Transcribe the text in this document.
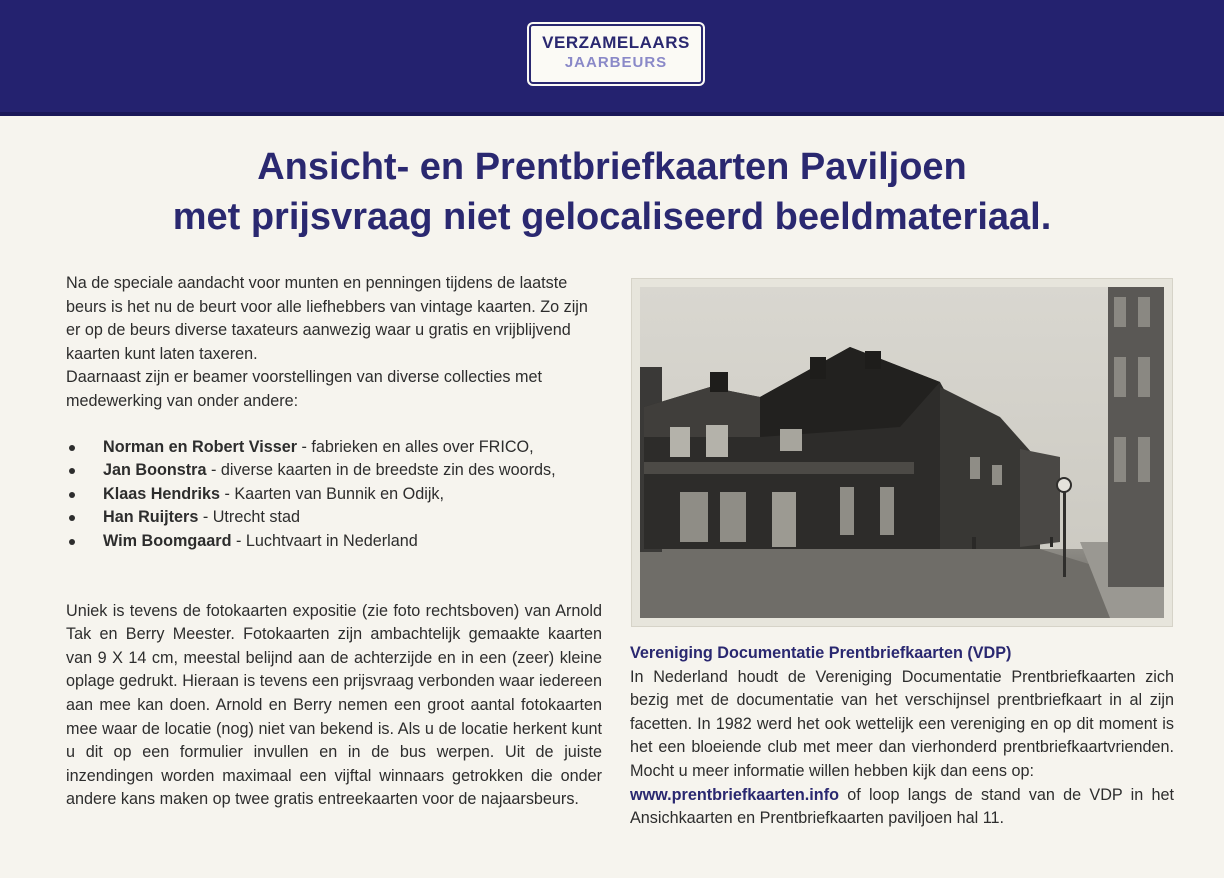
VERZAMELAARS
JAARBEURS
Ansicht- en Prentbriefkaarten Paviljoen
met prijsvraag niet gelocaliseerd beeldmateriaal.

Na de speciale aandacht voor munten en penningen tijdens de laatste beurs is het nu de beurt voor alle liefhebbers van vintage kaarten. Zo zijn er op de beurs diverse taxateurs aanwezig waar u gratis en vrijblijvend kaarten kunt laten taxeren.

Daarnaast zijn er beamer voorstellingen van diverse collecties met medewerking van onder andere:

Norman en Robert Visser - fabrieken en alles over FRICO,
Jan Boonstra - diverse kaarten in de breedste zin des woords,
Klaas Hendriks - Kaarten van Bunnik en Odijk,
Han Ruijters - Utrecht stad
Wim Boomgaard - Luchtvaart in Nederland

Uniek is tevens de fotokaarten expositie (zie foto rechtsboven) van Arnold Tak en Berry Meester. Fotokaarten zijn ambachtelijk gemaakte kaarten van 9 X 14 cm, meestal belijnd aan de achterzijde en in een (zeer) kleine oplage gedrukt. Hieraan is tevens een prijsvraag verbonden waar iedereen aan mee kan doen. Arnold en Berry nemen een groot aantal fotokaarten mee waar de locatie (nog) niet van bekend is. Als u de locatie herkent kunt u dit op een formulier invullen en in de bus werpen. Uit de juiste inzendingen worden maximaal een vijftal winnaars getrokken die onder andere kans maken op twee gratis entreekaarten voor de najaarsbeurs.

Vereniging Documentatie Prentbriefkaarten (VDP)

In Nederland houdt de Vereniging Documentatie Prentbriefkaarten zich bezig met de documentatie van het verschijnsel prentbriefkaart in al zijn facetten. In 1982 werd het ook wettelijk een vereniging en op dit moment is het een bloeiende club met meer dan vierhonderd prentbriefkaartvrienden. Mocht u meer informatie willen hebben kijk dan eens op:

www.prentbriefkaarten.info of loop langs de stand van de VDP in het Ansichkaarten en Prentbriefkaarten paviljoen hal 11.
